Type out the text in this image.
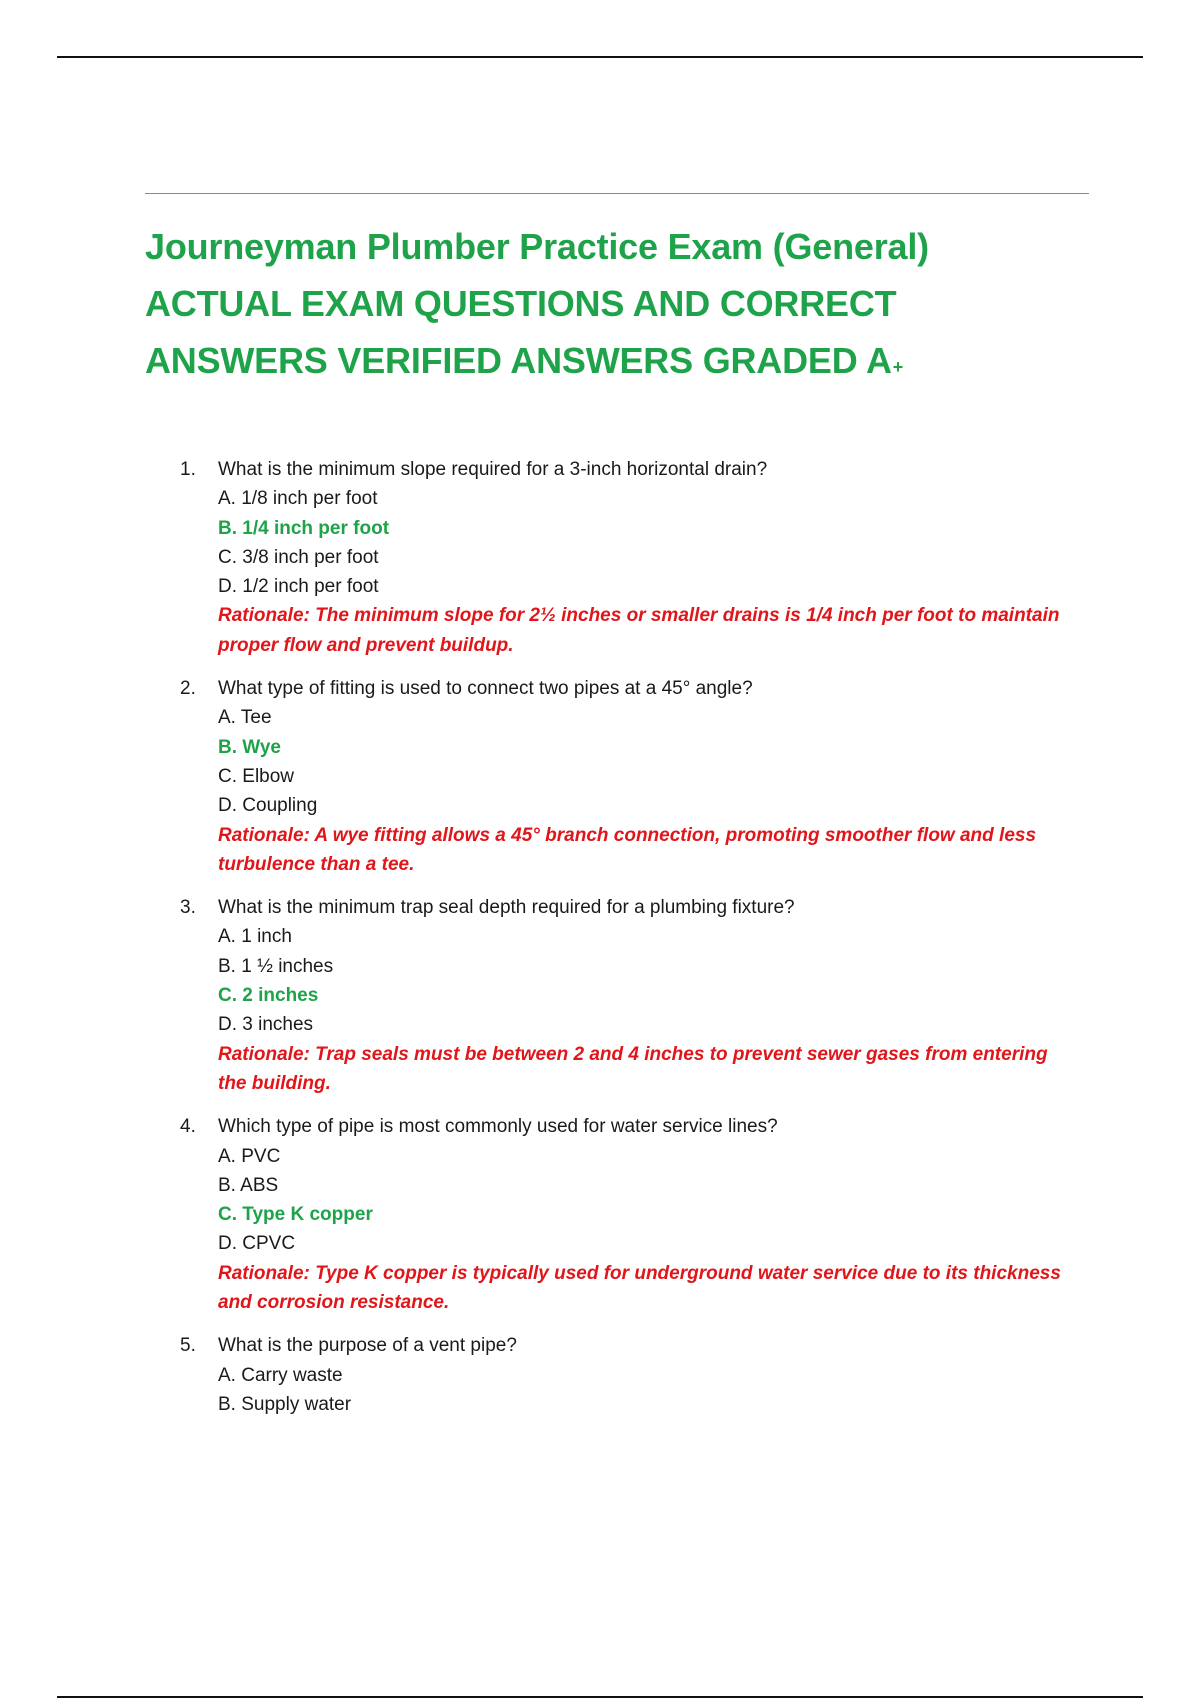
Journeyman Plumber Practice Exam (General)
ACTUAL EXAM QUESTIONS AND CORRECT
ANSWERS VERIFIED ANSWERS GRADED A+
1. What is the minimum slope required for a 3-inch horizontal drain?
A. 1/8 inch per foot
B. 1/4 inch per foot
C. 3/8 inch per foot
D. 1/2 inch per foot
Rationale: The minimum slope for 2½ inches or smaller drains is 1/4 inch per foot to maintain proper flow and prevent buildup.
2. What type of fitting is used to connect two pipes at a 45° angle?
A. Tee
B. Wye
C. Elbow
D. Coupling
Rationale: A wye fitting allows a 45° branch connection, promoting smoother flow and less turbulence than a tee.
3. What is the minimum trap seal depth required for a plumbing fixture?
A. 1 inch
B. 1 ½ inches
C. 2 inches
D. 3 inches
Rationale: Trap seals must be between 2 and 4 inches to prevent sewer gases from entering the building.
4. Which type of pipe is most commonly used for water service lines?
A. PVC
B. ABS
C. Type K copper
D. CPVC
Rationale: Type K copper is typically used for underground water service due to its thickness and corrosion resistance.
5. What is the purpose of a vent pipe?
A. Carry waste
B. Supply water
